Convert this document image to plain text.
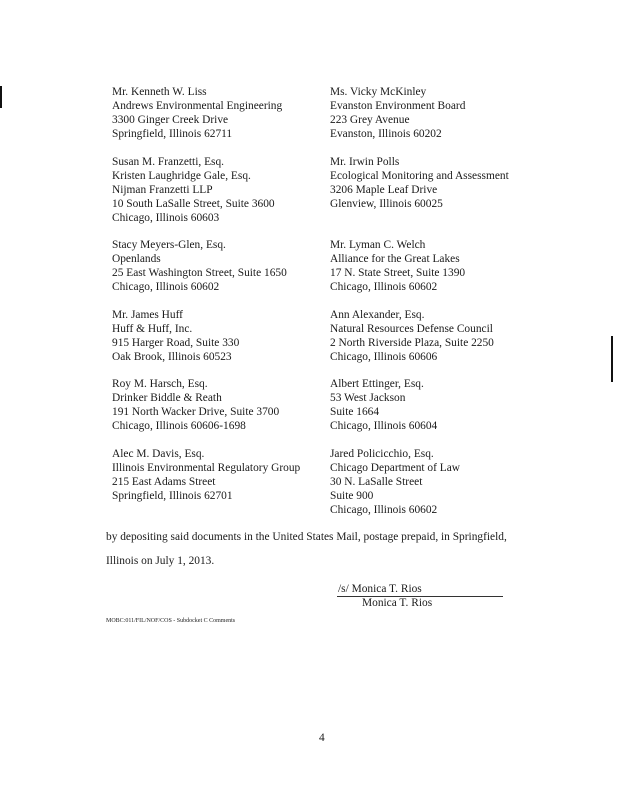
Mr. Kenneth W. Liss
Andrews Environmental Engineering
3300 Ginger Creek Drive
Springfield, Illinois 62711
Susan M. Franzetti, Esq.
Kristen Laughridge Gale, Esq.
Nijman Franzetti LLP
10 South LaSalle Street, Suite 3600
Chicago, Illinois 60603
Stacy Meyers-Glen, Esq.
Openlands
25 East Washington Street, Suite 1650
Chicago, Illinois 60602
Mr. James Huff
Huff & Huff, Inc.
915 Harger Road, Suite 330
Oak Brook, Illinois 60523
Roy M. Harsch, Esq.
Drinker Biddle & Reath
191 North Wacker Drive, Suite 3700
Chicago, Illinois 60606-1698
Alec M. Davis, Esq.
Illinois Environmental Regulatory Group
215 East Adams Street
Springfield, Illinois 62701
Ms. Vicky McKinley
Evanston Environment Board
223 Grey Avenue
Evanston, Illinois 60202
Mr. Irwin Polls
Ecological Monitoring and Assessment
3206 Maple Leaf Drive
Glenview, Illinois 60025
Mr. Lyman C. Welch
Alliance for the Great Lakes
17 N. State Street, Suite 1390
Chicago, Illinois 60602
Ann Alexander, Esq.
Natural Resources Defense Council
2 North Riverside Plaza, Suite 2250
Chicago, Illinois 60606
Albert Ettinger, Esq.
53 West Jackson
Suite 1664
Chicago, Illinois 60604
Jared Policicchio, Esq.
Chicago Department of Law
30 N. LaSalle Street
Suite 900
Chicago, Illinois 60602
by depositing said documents in the United States Mail, postage prepaid, in Springfield,
Illinois on July 1, 2013.
/s/ Monica T. Rios
Monica T. Rios
MOBC:011/FIL/NOF/COS - Subdocket C Comments
4
